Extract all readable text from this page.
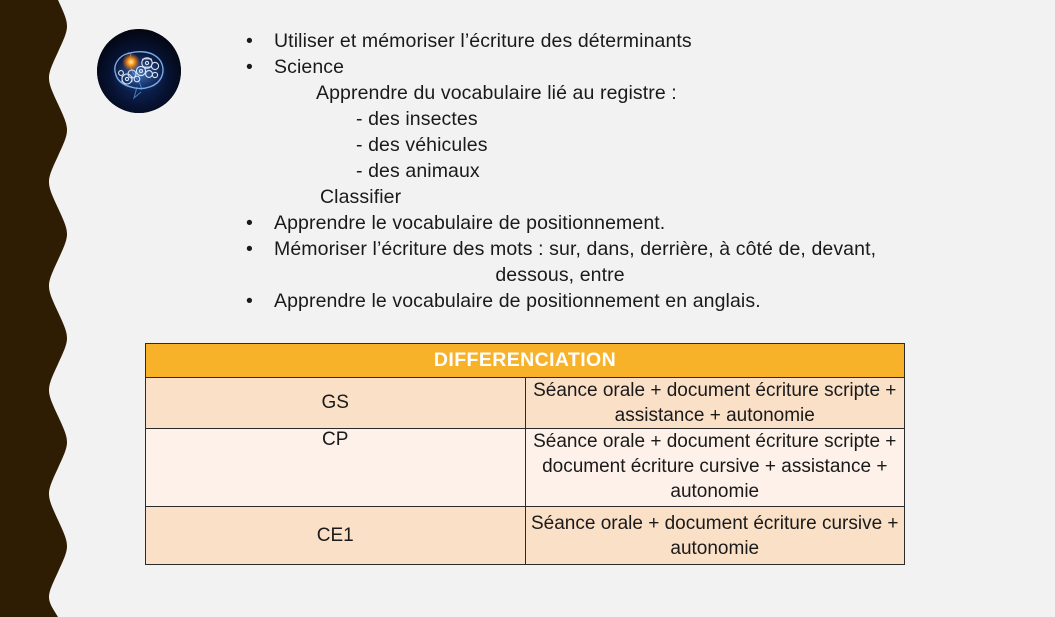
• Utiliser et mémoriser l’écriture des déterminants
• Science
Apprendre du vocabulaire lié au registre :
- des insectes
- des véhicules
- des animaux
Classifier
• Apprendre le vocabulaire de positionnement.
• Mémoriser l’écriture des mots : sur, dans, derrière, à côté de, devant,
dessous, entre
• Apprendre le vocabulaire de positionnement en anglais.
DIFFERENCIATION	
GS	Séance orale + document écriture scripte + assistance + autonomie
CP	Séance orale + document écriture scripte + document écriture cursive + assistance + autonomie
CE1	Séance orale + document écriture cursive + autonomie
